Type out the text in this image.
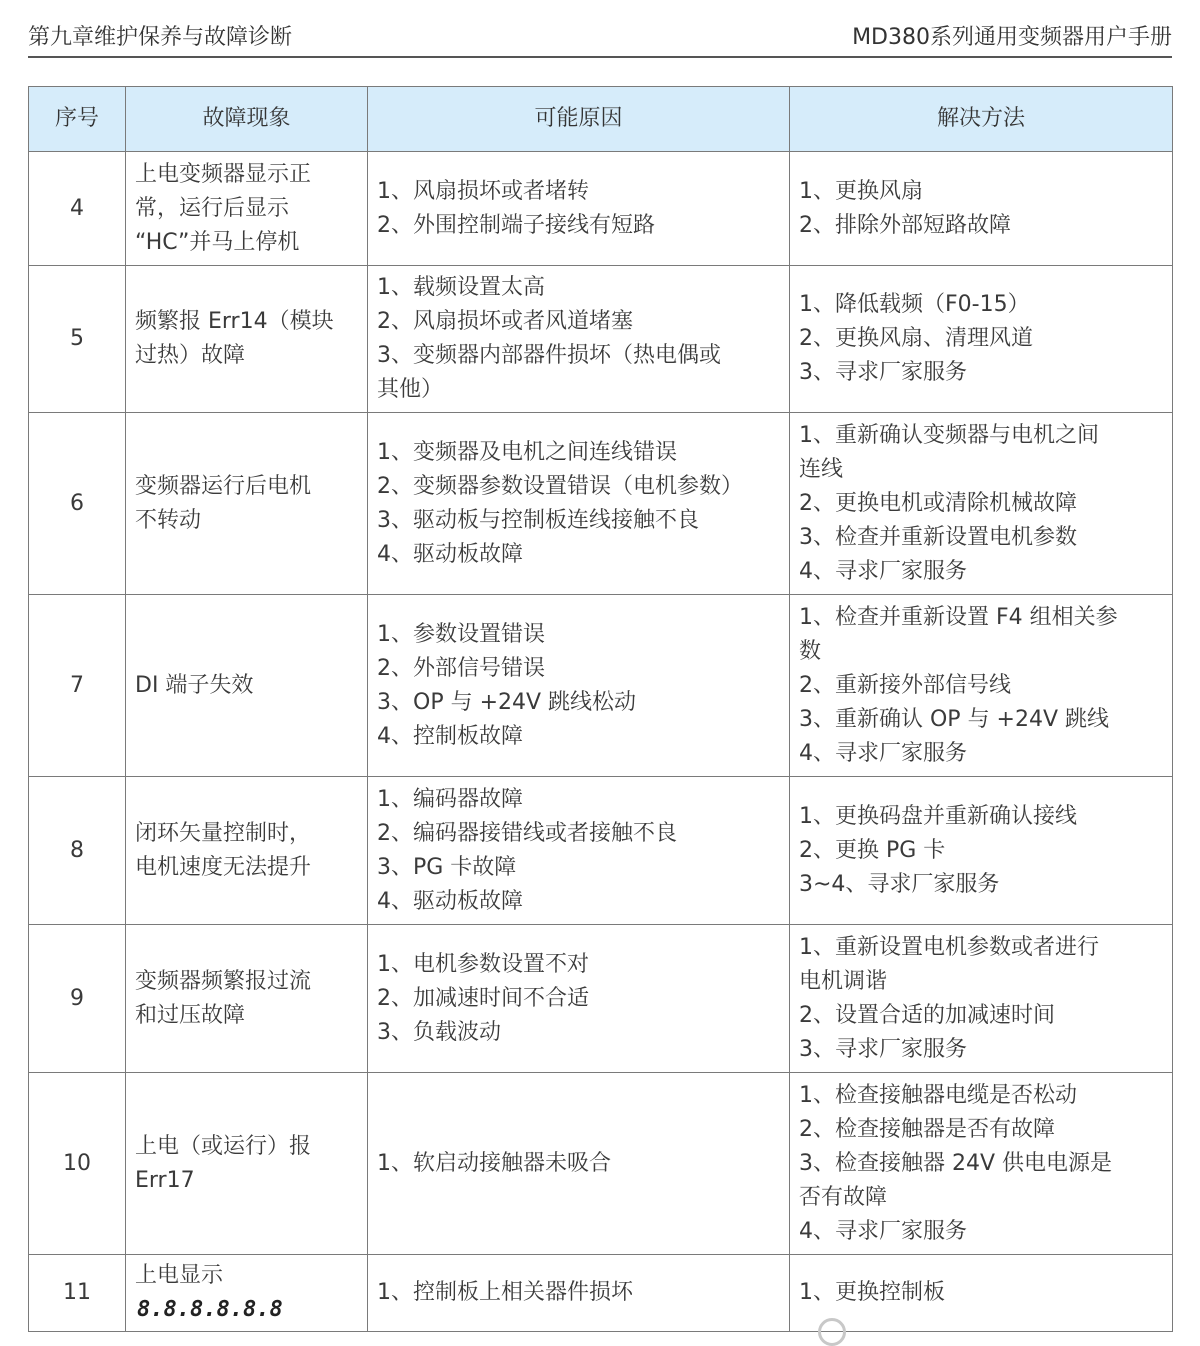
第九章维护保养与故障诊断	MD380系列通用变频器用户手册
序号	故障现象	可能原因	解决方法
4	上电变频器显示正
常，运行后显示
“HC”并马上停机	1、风扇损坏或者堵转
2、外围控制端子接线有短路	1、更换风扇
2、排除外部短路故障

5	频繁报 Err14（模块
过热）故障	1、载频设置太高
2、风扇损坏或者风道堵塞
3、变频器内部器件损坏（热电偶或
其他）	1、降低载频（F0-15）
2、更换风扇、清理风道
3、寻求厂家服务

6	变频器运行后电机
不转动	1、变频器及电机之间连线错误
2、变频器参数设置错误（电机参数）
3、驱动板与控制板连线接触不良
4、驱动板故障	1、重新确认变频器与电机之间
连线
2、更换电机或清除机械故障
3、检查并重新设置电机参数
4、寻求厂家服务

7	DI 端子失效	1、参数设置错误
2、外部信号错误
3、OP 与 +24V 跳线松动
4、控制板故障	1、检查并重新设置 F4 组相关参
数
2、重新接外部信号线
3、重新确认 OP 与 +24V 跳线
4、寻求厂家服务

8	闭环矢量控制时，
电机速度无法提升	1、编码器故障
2、编码器接错线或者接触不良
3、PG 卡故障
4、驱动板故障	1、更换码盘并重新确认接线
2、更换 PG 卡
3~4、寻求厂家服务

9	变频器频繁报过流
和过压故障	1、电机参数设置不对
2、加减速时间不合适
3、负载波动	1、重新设置电机参数或者进行
电机调谐
2、设置合适的加减速时间
3、寻求厂家服务

10	上电（或运行）报
Err17	1、软启动接触器未吸合	1、检查接触器电缆是否松动
2、检查接触器是否有故障
3、检查接触器 24V 供电电源是
否有故障
4、寻求厂家服务

11	上电显示 8.8.8.8.8.8	1、控制板上相关器件损坏	1、更换控制板
